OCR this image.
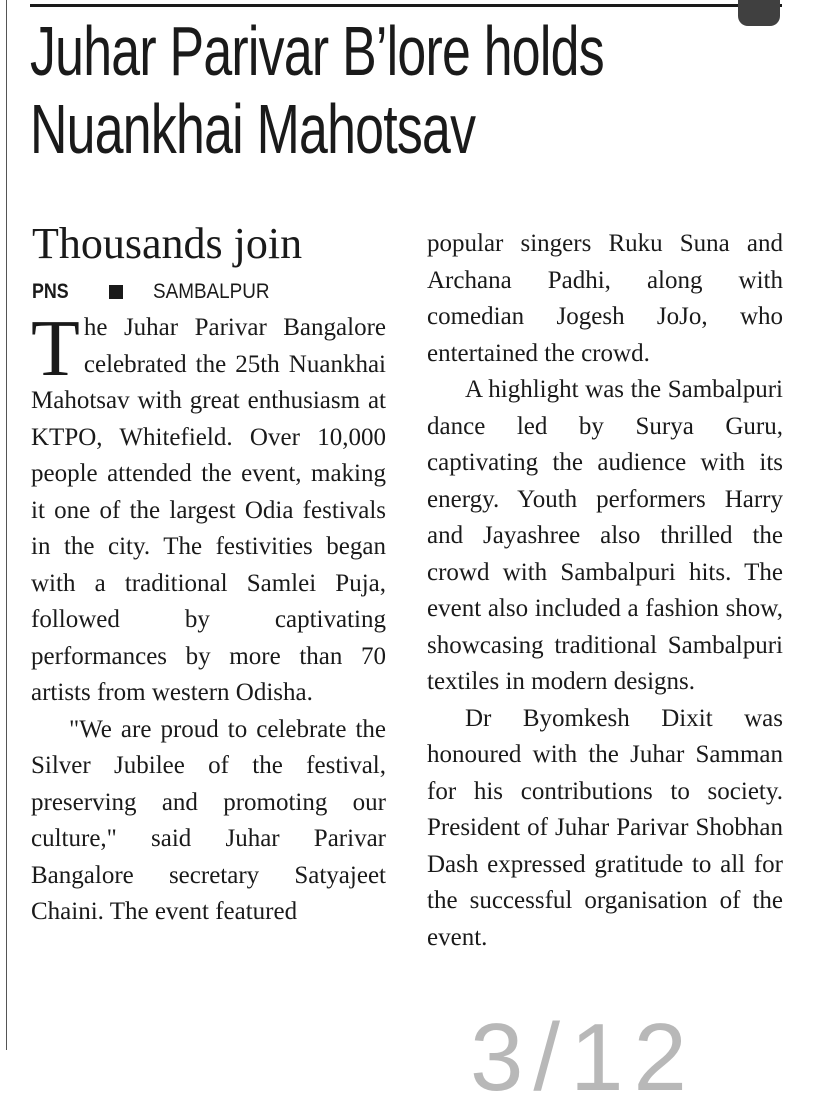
Juhar Parivar B’lore holds
Nuankhai Mahotsav
Thousands join
PNS	SAMBALPUR

The Juhar Parivar Bangalore celebrated the 25th Nuankhai Mahotsav with great enthusiasm at KTPO, Whitefield. Over 10,000 people attended the event, making it one of the largest Odia festivals in the city. The festivities began with a traditional Samlei Puja, followed by captivating performances by more than 70 artists from western Odisha.

"We are proud to celebrate the Silver Jubilee of the festival, preserving and promoting our culture," said Juhar Parivar Bangalore secretary Satyajeet Chaini. The event featured

popular singers Ruku Suna and Archana Padhi, along with comedian Jogesh JoJo, who entertained the crowd.

A highlight was the Sambalpuri dance led by Surya Guru, captivating the audience with its energy. Youth performers Harry and Jayashree also thrilled the crowd with Sambalpuri hits. The event also included a fashion show, showcasing traditional Sambalpuri textiles in modern designs.

Dr Byomkesh Dixit was honoured with the Juhar Samman for his contributions to society. President of Juhar Parivar Shobhan Dash expressed gratitude to all for the successful organisation of the event.

3/12
